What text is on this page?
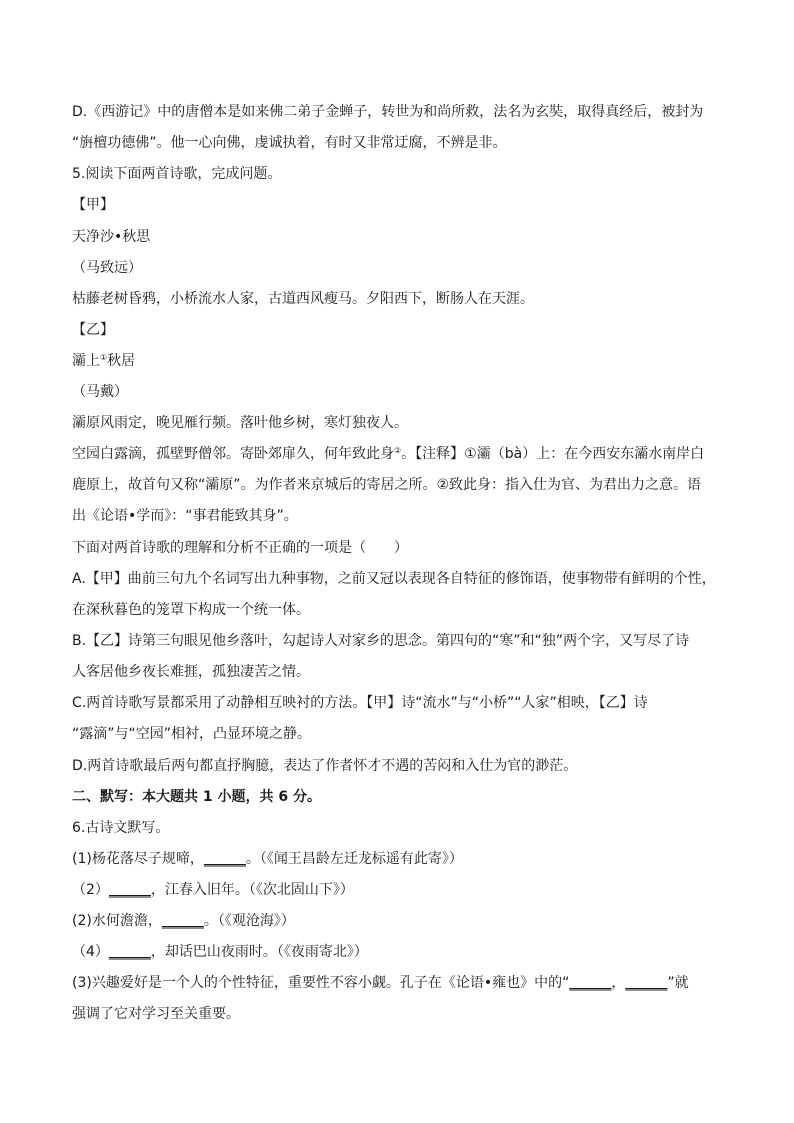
D.《西游记》中的唐僧本是如来佛二弟子金蝉子，转世为和尚所救，法名为玄奘，取得真经后，被封为
“旃檀功德佛”。他一心向佛，虔诚执着，有时又非常迂腐，不辨是非。
5.阅读下面两首诗歌，完成问题。
【甲】
天净沙•秋思
（马致远）
枯藤老树昏鸦，小桥流水人家，古道西风瘦马。夕阳西下，断肠人在天涯。
【乙】
灞上①秋居
（马戴）
灞原风雨定，晚见雁行频。落叶他乡树，寒灯独夜人。
空园白露滴，孤壁野僧邻。寄卧郊扉久，何年致此身②。【注释】①灞（bà）上：在今西安东灞水南岸白
鹿原上，故首句又称“灞原”。为作者来京城后的寄居之所。②致此身：指入仕为官、为君出力之意。语
出《论语•学而》：“事君能致其身”。
下面对两首诗歌的理解和分析不正确的一项是（　　）
A.【甲】曲前三句九个名词写出九种事物，之前又冠以表现各自特征的修饰语，使事物带有鲜明的个性，
在深秋暮色的笼罩下构成一个统一体。
B.【乙】诗第三句眼见他乡落叶，勾起诗人对家乡的思念。第四句的“寒”和“独”两个字，又写尽了诗
人客居他乡夜长难捱，孤独凄苦之情。
C.两首诗歌写景都采用了动静相互映衬的方法。【甲】诗“流水”与“小桥”“人家”相映，【乙】诗
“露滴”与“空园”相衬，凸显环境之静。
D.两首诗歌最后两句都直抒胸臆，表达了作者怀才不遇的苦闷和入仕为官的渺茫。
二、默写：本大题共 1 小题，共 6 分。
6.古诗文默写。
(1)杨花落尽子规啼，______。（《闻王昌龄左迁龙标遥有此寄》）
（2）______，江春入旧年。（《次北固山下》）
(2)水何澹澹，______。（《观沧海》）
（4）______，却话巴山夜雨时。（《夜雨寄北》）
(3)兴趣爱好是一个人的个性特征，重要性不容小觑。孔子在《论语•雍也》中的“______，______”就
强调了它对学习至关重要。
